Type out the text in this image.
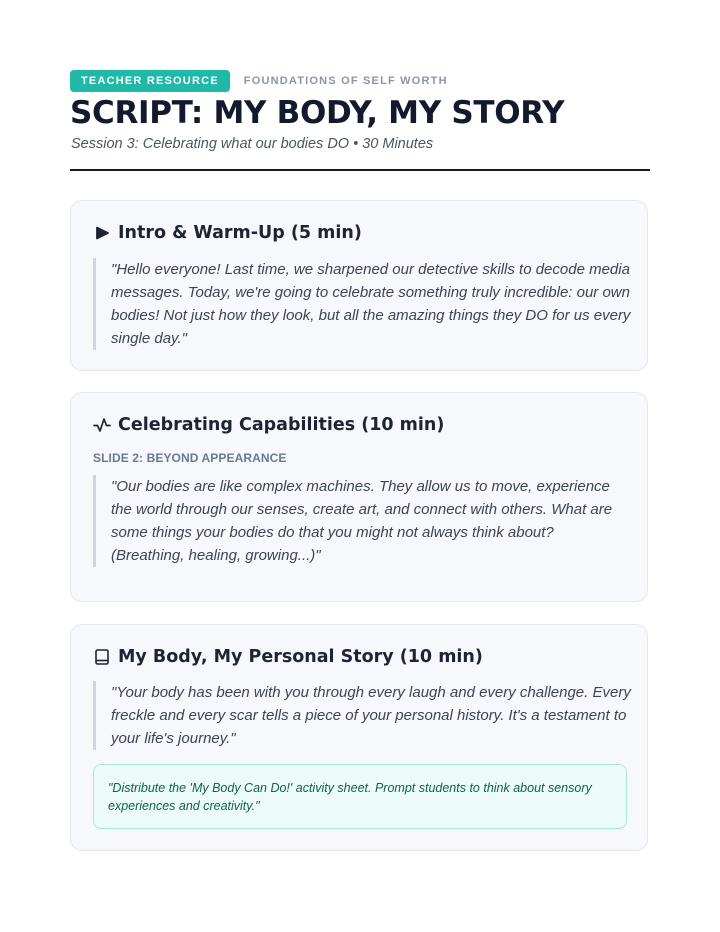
TEACHER RESOURCE	FOUNDATIONS OF SELF WORTH
SCRIPT: MY BODY, MY STORY
Session 3: Celebrating what our bodies DO • 30 Minutes
Intro & Warm-Up (5 min)
"Hello everyone! Last time, we sharpened our detective skills to decode media messages. Today, we're going to celebrate something truly incredible: our own bodies! Not just how they look, but all the amazing things they DO for us every single day."
Celebrating Capabilities (10 min)
SLIDE 2: BEYOND APPEARANCE
"Our bodies are like complex machines. They allow us to move, experience the world through our senses, create art, and connect with others. What are some things your bodies do that you might not always think about? (Breathing, healing, growing...)"
My Body, My Personal Story (10 min)
"Your body has been with you through every laugh and every challenge. Every freckle and every scar tells a piece of your personal history. It's a testament to your life's journey."
"Distribute the 'My Body Can Do!' activity sheet. Prompt students to think about sensory experiences and creativity."
